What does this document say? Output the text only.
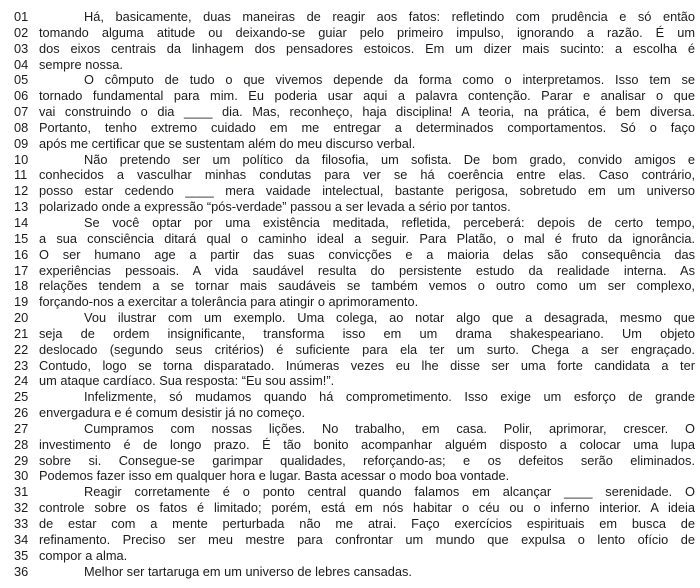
01	Há, basicamente, duas maneiras de reagir aos fatos: refletindo com prudência e só então
02 tomando alguma atitude ou deixando-se guiar pelo primeiro impulso, ignorando a razão. É um
03 dos eixos centrais da linhagem dos pensadores estoicos. Em um dizer mais sucinto: a escolha é
04 sempre nossa.
05	O cômputo de tudo o que vivemos depende da forma como o interpretamos. Isso tem se
06 tornado fundamental para mim. Eu poderia usar aqui a palavra contenção. Parar e analisar o que
07 vai construindo o dia ____ dia. Mas, reconheço, haja disciplina! A teoria, na prática, é bem diversa.
08 Portanto, tenho extremo cuidado em me entregar a determinados comportamentos. Só o faço
09 após me certificar que se sustentam além do meu discurso verbal.
10	Não pretendo ser um político da filosofia, um sofista. De bom grado, convido amigos e
11 conhecidos a vasculhar minhas condutas para ver se há coerência entre elas. Caso contrário,
12 posso estar cedendo ____ mera vaidade intelectual, bastante perigosa, sobretudo em um universo
13 polarizado onde a expressão “pós-verdade” passou a ser levada a sério por tantos.
14	Se você optar por uma existência meditada, refletida, perceberá: depois de certo tempo,
15 a sua consciência ditará qual o caminho ideal a seguir. Para Platão, o mal é fruto da ignorância.
16 O ser humano age a partir das suas convicções e a maioria delas são consequência das
17 experiências pessoais. A vida saudável resulta do persistente estudo da realidade interna. As
18 relações tendem a se tornar mais saudáveis se também vemos o outro como um ser complexo,
19 forçando-nos a exercitar a tolerância para atingir o aprimoramento.
20	Vou ilustrar com um exemplo. Uma colega, ao notar algo que a desagrada, mesmo que
21 seja de ordem insignificante, transforma isso em um drama shakespeariano. Um objeto
22 deslocado (segundo seus critérios) é suficiente para ela ter um surto. Chega a ser engraçado.
23 Contudo, logo se torna disparatado. Inúmeras vezes eu lhe disse ser uma forte candidata a ter
24 um ataque cardíaco. Sua resposta: “Eu sou assim!”.
25	Infelizmente, só mudamos quando há comprometimento. Isso exige um esforço de grande
26 envergadura e é comum desistir já no começo.
27	Cumpramos com nossas lições. No trabalho, em casa. Polir, aprimorar, crescer. O
28 investimento é de longo prazo. É tão bonito acompanhar alguém disposto a colocar uma lupa
29 sobre si. Consegue-se garimpar qualidades, reforçando-as; e os defeitos serão eliminados.
30 Podemos fazer isso em qualquer hora e lugar. Basta acessar o modo boa vontade.
31	Reagir corretamente é o ponto central quando falamos em alcançar ____ serenidade. O
32 controle sobre os fatos é limitado; porém, está em nós habitar o céu ou o inferno interior. A ideia
33 de estar com a mente perturbada não me atrai. Faço exercícios espirituais em busca de
34 refinamento. Preciso ser meu mestre para confrontar um mundo que expulsa o lento ofício de
35 compor a alma.
36	Melhor ser tartaruga em um universo de lebres cansadas.
